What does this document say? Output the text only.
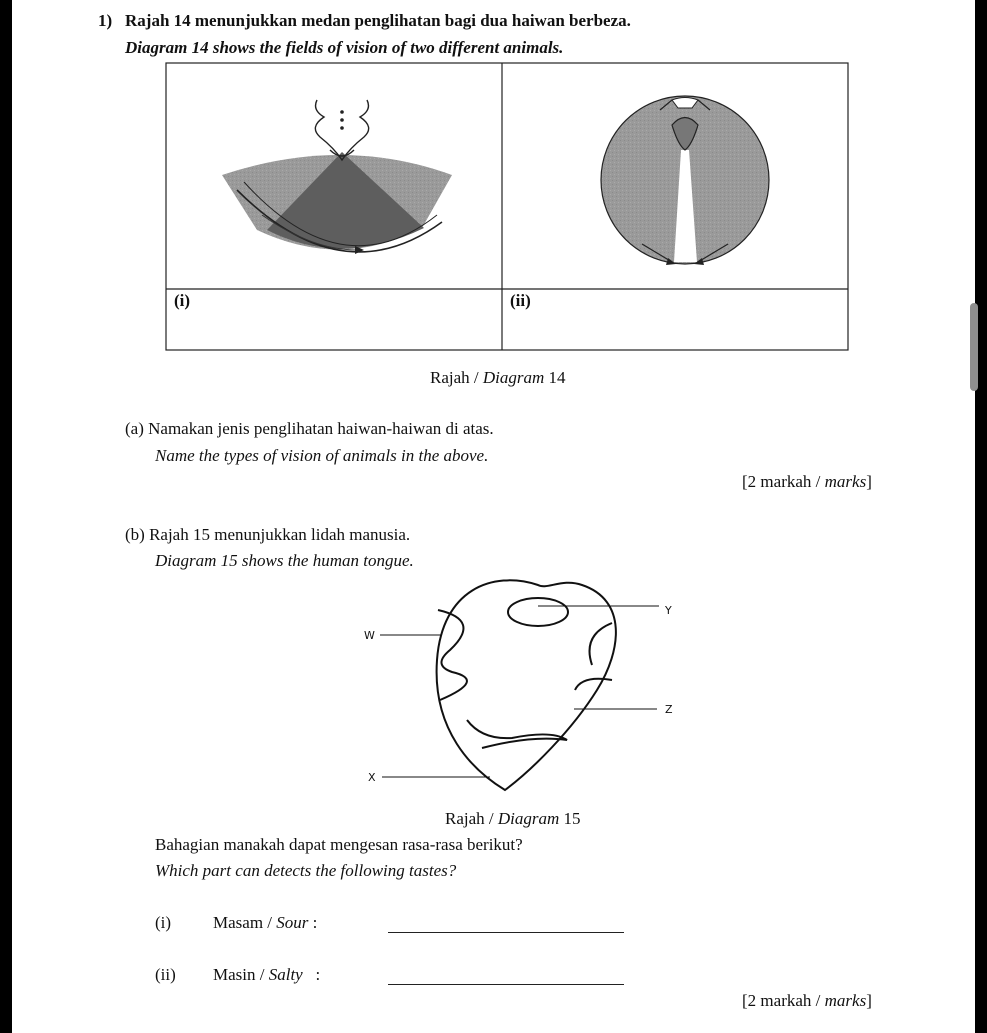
1) Rajah 14 menunjukkan medan penglihatan bagi dua haiwan berbeza.
Diagram 14 shows the fields of vision of two different animals.
(i)	(ii)
Rajah / Diagram 14
(a) Namakan jenis penglihatan haiwan-haiwan di atas.
Name the types of vision of animals in the above.
[2 markah / marks]
(b) Rajah 15 menunjukkan lidah manusia.
Diagram 15 shows the human tongue.
Y
W
Z
X
Rajah / Diagram 15
Bahagian manakah dapat mengesan rasa-rasa berikut?
Which part can detects the following tastes?
(i) Masam / Sour :
(ii) Masin / Salty   :
[2 markah / marks]
